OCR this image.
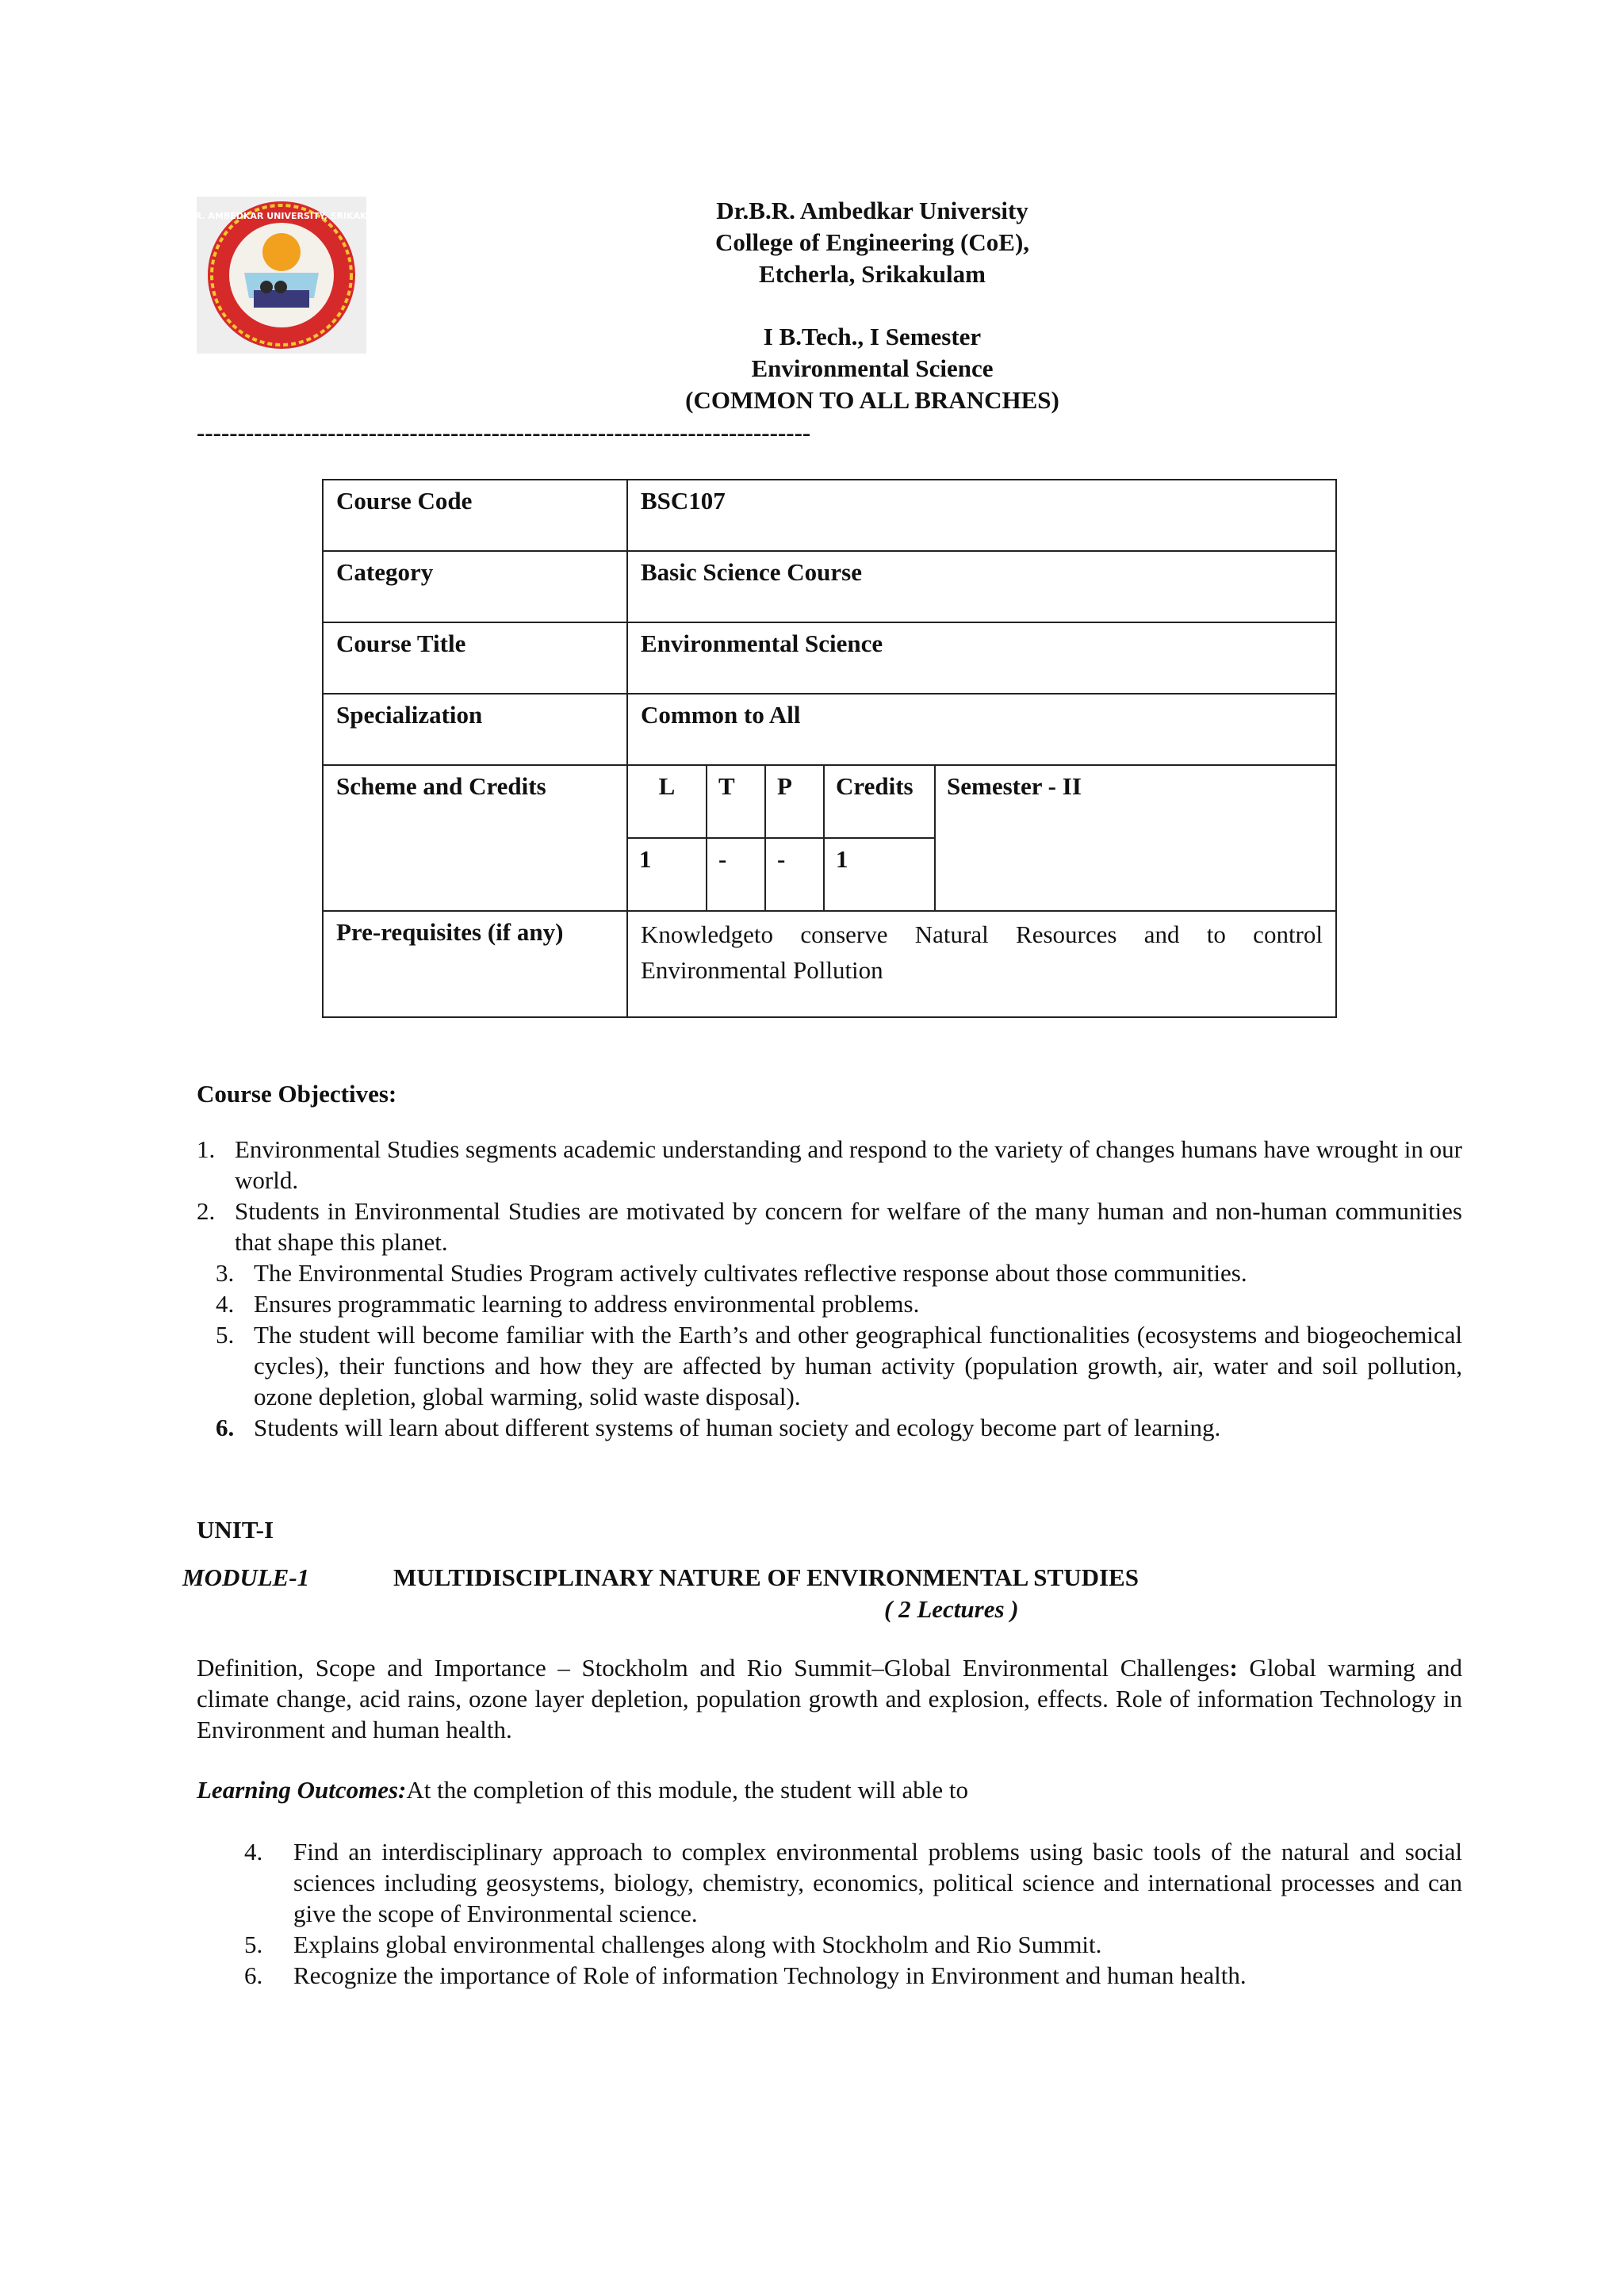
Dr. B.R. AMBEDKAR UNIVERSITY, SRIKAKULAM	Dr.B.R. Ambedkar University
College of Engineering (CoE),
Etcherla, Srikakulam
I B.Tech., I Semester
Environmental Science
(COMMON TO ALL BRANCHES)
---------------------------------------------------------------------------
Course Code	BSC107				
Category	Basic Science Course				
Course Title	Environmental Science				
Specialization	Common to All				
Scheme and Credits	L	T	P	Credits	Semester - II
	1	-	-	1	
Pre-requisites (if any)	Knowledgeto conserve Natural Resources and to control Environmental Pollution				
Course Objectives:
1. Environmental Studies segments academic understanding and respond to the variety of changes humans have wrought in our world.
2. Students in Environmental Studies are motivated by concern for welfare of the many human and non-human communities that shape this planet.
3. The Environmental Studies Program actively cultivates reflective response about those communities.
4. Ensures programmatic learning to address environmental problems.
5. The student will become familiar with the Earth’s and other geographical functionalities (ecosystems and biogeochemical cycles), their functions and how they are affected by human activity (population growth, air, water and soil pollution, ozone depletion, global warming, solid waste disposal).
6. Students will learn about different systems of human society and ecology become part of learning.
UNIT-I
MODULE-1	MULTIDISCIPLINARY NATURE OF ENVIRONMENTAL STUDIES
( 2 Lectures )
Definition, Scope and Importance – Stockholm and Rio Summit–Global Environmental Challenges: Global warming and climate change, acid rains, ozone layer depletion, population growth and explosion, effects. Role of information Technology in Environment and human health.
Learning Outcomes:At the completion of this module, the student will able to
4. Find an interdisciplinary approach to complex environmental problems using basic tools of the natural and social sciences including geosystems, biology, chemistry, economics, political science and international processes and can give the scope of Environmental science.
5. Explains global environmental challenges along with Stockholm and Rio Summit.
6. Recognize the importance of Role of information Technology in Environment and human health.
